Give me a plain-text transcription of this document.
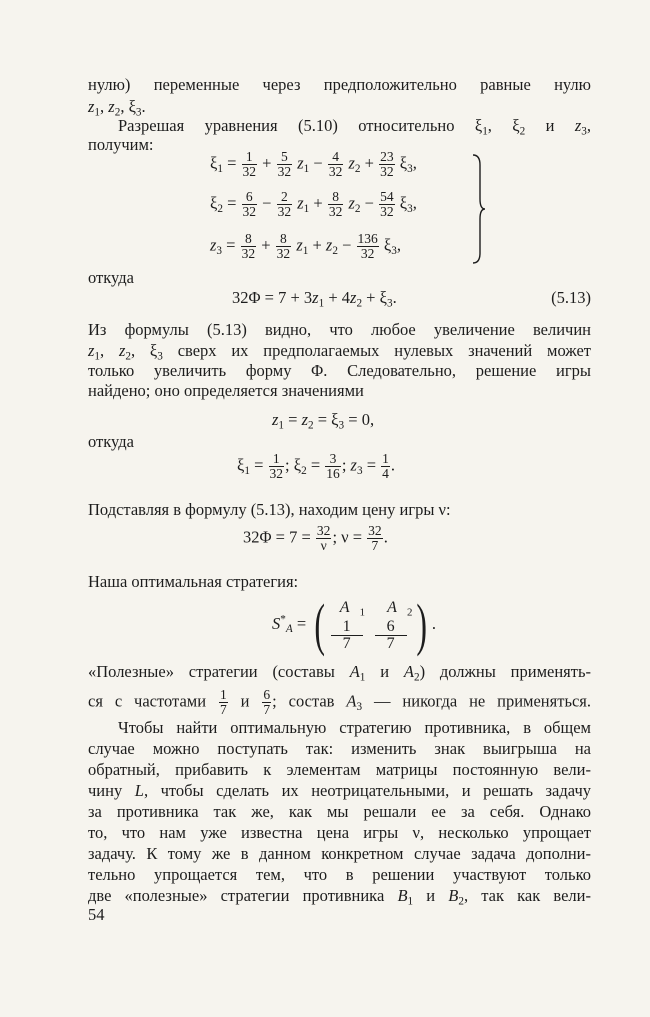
нулю) переменные через предположительно равные нулю
$z_1$, $z_2$, $\xi_3$.
Разрешая уравнения (5.10) относительно $\xi_1$, $\xi_2$ и $z_3$,
получим:
$\xi_1 = \frac{1}{32} + \frac{5}{32} z_1 - \frac{4}{32} z_2 + \frac{23}{32} \xi_3$,
$\xi_2 = \frac{6}{32} - \frac{2}{32} z_1 + \frac{8}{32} z_2 - \frac{54}{32} \xi_3$,
$z_3 = \frac{8}{32} + \frac{8}{32} z_1 + z_2 - \frac{136}{32} \xi_3$,
откуда
$32\Phi = 7 + 3z_1 + 4z_2 + \xi_3$.	(5.13)
Из формулы (5.13) видно, что любое увеличение величин
$z_1$, $z_2$, $\xi_3$ сверх их предполагаемых нулевых значений может
только увеличить форму Φ. Следовательно, решение игры
найдено; оно определяется значениями
$z_1 = z_2 = \xi_3 = 0$,
откуда
$\xi_1 = \frac{1}{32}$ ; $\xi_2 = \frac{3}{16}$ ; $z_3 = \frac{1}{4}$ .
Подставляя в формулу (5.13), находим цену игры ν:
$32\Phi = 7 = \frac{32}{\nu}$ ; $\nu = \frac{32}{7}$ .
Наша оптимальная стратегия:
$S^*_A$ = ( A $_1$ A $_2$

$\frac{1}{7}$
$\frac{6}{7}$ ) .
«Полезные» стратегии (составы $A_1$ и $A_2$) должны применять-
ся с частотами $\frac{1}{7}$ и $\frac{6}{7}$ ; состав $A_3$ — никогда не применяться.
Чтобы найти оптимальную стратегию противника, в общем
случае можно поступать так: изменить знак выигрыша на
обратный, прибавить к элементам матрицы постоянную вели-
чину L, чтобы сделать их неотрицательными, и решать задачу
за противника так же, как мы решали ее за себя. Однако
то, что нам уже известна цена игры ν, несколько упрощает
задачу. К тому же в данном конкретном случае задача дополни-
тельно упрощается тем, что в решении участвуют только
две «полезные» стратегии противника $B_1$ и $B_2$, так как вели-
54
